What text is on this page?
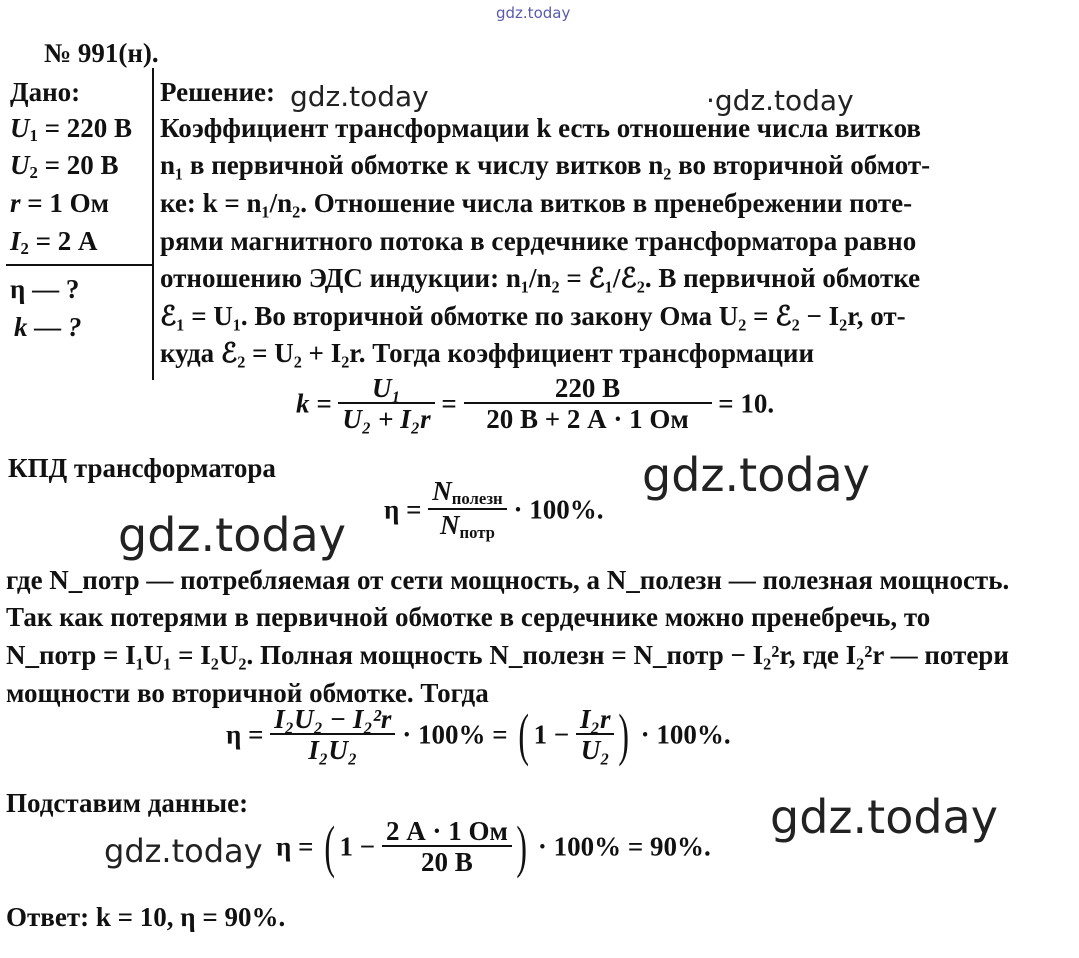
gdz.today
№ 991(н).
Дано:
$U_1 = 220$ В
$U_2 = 20$ В
r = 1 Ом
$I_2 = 2$ А
η — ?
k — ?
Решение:
Коэффициент трансформации k есть отношение числа витков
n₁ в первичной обмотке к числу витков n₂ во вторичной обмот-
ке: k = n₁/n₂. Отношение числа витков в пренебрежении поте-
рями магнитного потока в сердечнике трансформатора равно
отношению ЭДС индукции: n₁/n₂ = ℰ₁/ℰ₂. В первичной обмотке
ℰ₁ = U₁. Во вторичной обмотке по закону Ома U₂ = ℰ₂ − I₂r, от-
куда ℰ₂ = U₂ + I₂r. Тогда коэффициент трансформации
$k = \frac{\text{U₁}}{\text{U₂ + I₂r}} = \frac{220 В}{20 В + 2 А \cdot 1 Ом} = 10$.
КПД трансформатора
$\eta = \frac{N_{полезн}}{N_{потр}} \cdot 100\%$.
где N_потр — потребляемая от сети мощность, а N_полезн — полезная мощность.
Так как потерями в первичной обмотке в сердечнике можно пренебречь, то
N_потр = I₁U₁ = I₂U₂. Полная мощность N_полезн = N_потр − I₂²r, где I₂²r — потери
мощности во вторичной обмотке. Тогда
$\eta = \frac{\text{I₂U₂ − I₂²r}}{\text{I₂U₂}} \cdot 100\%$ = ( $1 - \frac{\text{I₂r}}{\text{U₂}}$ ) · 100%.
Подставим данные:
η = ( $1 - \frac{2 А \cdot 1 Ом}{20 В}$ ) · 100% = 90%.
Ответ: k = 10, η = 90%.
gdz.today	·gdz.today
gdz.today
gdz.today
gdz.today
gdz.today
